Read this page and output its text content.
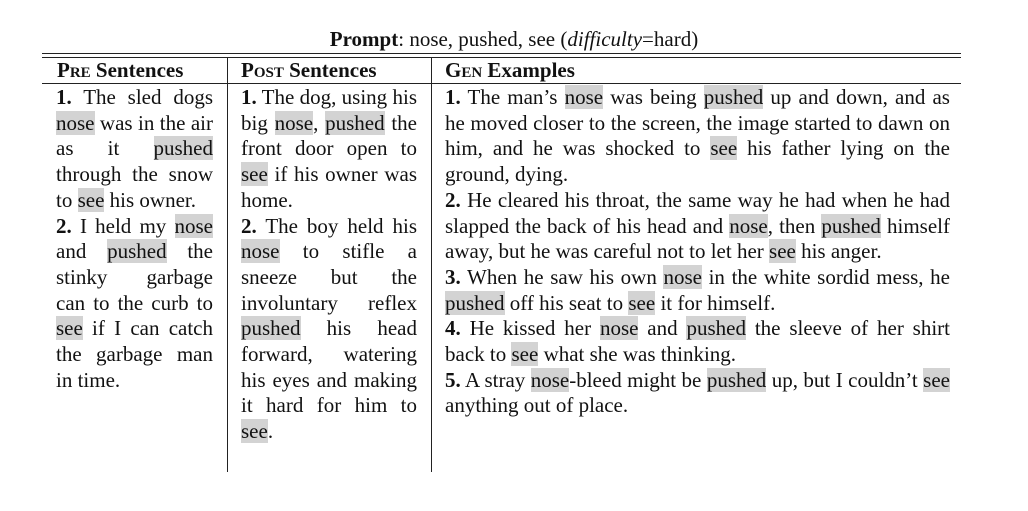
Prompt: nose, pushed, see (difficulty=hard)
Pre Sentences	Post Sentences	Gen Examples
1. The sled dogs nose was in the air as it pushed through the snow to see his owner.
2. I held my nose and pushed the stinky garbage can to the curb to see if I can catch the garbage man in time.
1. The dog, using his big nose, pushed the front door open to see if his owner was home.
2. The boy held his nose to stifle a sneeze but the involuntary reflex pushed his head forward, watering his eyes and making it hard for him to see.
1. The man’s nose was being pushed up and down, and as he moved closer to the screen, the image started to dawn on him, and he was shocked to see his father lying on the ground, dying.
2. He cleared his throat, the same way he had when he had slapped the back of his head and nose, then pushed himself away, but he was careful not to let her see his anger.
3. When he saw his own nose in the white sordid mess, he pushed off his seat to see it for himself.
4. He kissed her nose and pushed the sleeve of her shirt back to see what she was thinking.
5. A stray nose-bleed might be pushed up, but I couldn’t see anything out of place.
